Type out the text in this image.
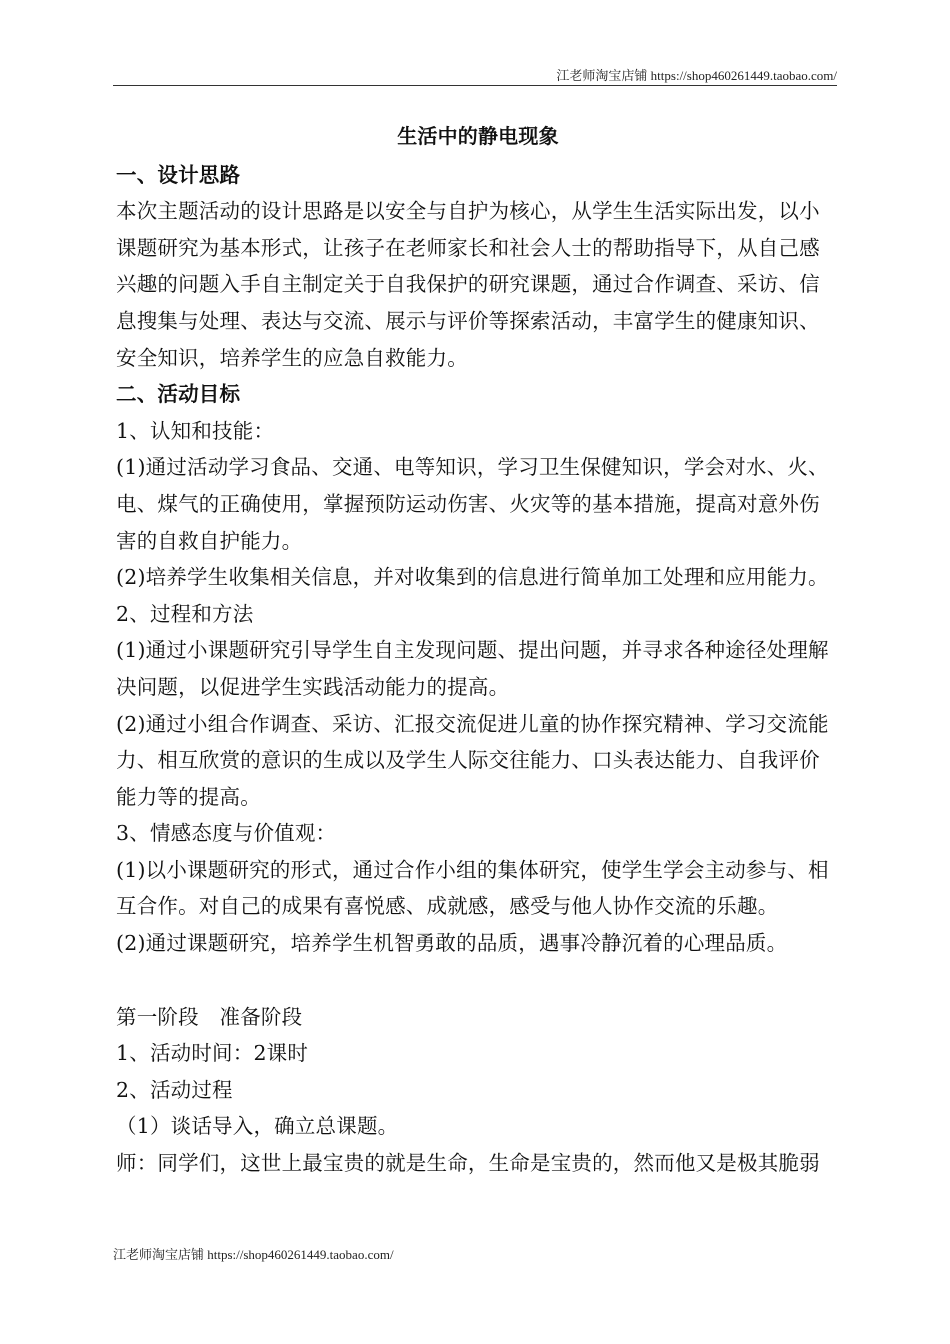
江老师淘宝店铺 https://shop460261449.taobao.com/

生活中的静电现象

一、设计思路

本次主题活动的设计思路是以安全与自护为核心，从学生生活实际出发，以小课题研究为基本形式，让孩子在老师家长和社会人士的帮助指导下，从自己感兴趣的问题入手自主制定关于自我保护的研究课题，通过合作调查、采访、信息搜集与处理、表达与交流、展示与评价等探索活动，丰富学生的健康知识、安全知识，培养学生的应急自救能力。

二、活动目标

1、认知和技能：

(1)通过活动学习食品、交通、电等知识，学习卫生保健知识，学会对水、火、电、煤气的正确使用，掌握预防运动伤害、火灾等的基本措施，提高对意外伤害的自救自护能力。

(2)培养学生收集相关信息，并对收集到的信息进行简单加工处理和应用能力。

2、过程和方法

(1)通过小课题研究引导学生自主发现问题、提出问题，并寻求各种途径处理解决问题，以促进学生实践活动能力的提高。

(2)通过小组合作调查、采访、汇报交流促进儿童的协作探究精神、学习交流能力、相互欣赏的意识的生成以及学生人际交往能力、口头表达能力、自我评价能力等的提高。

3、情感态度与价值观：

(1)以小课题研究的形式，通过合作小组的集体研究，使学生学会主动参与、相互合作。对自己的成果有喜悦感、成就感，感受与他人协作交流的乐趣。

(2)通过课题研究，培养学生机智勇敢的品质，遇事冷静沉着的心理品质。

第一阶段　准备阶段

1、活动时间：2课时

2、活动过程

（1）谈话导入，确立总课题。

师：同学们，这世上最宝贵的就是生命，生命是宝贵的，然而他又是极其脆弱

江老师淘宝店铺 https://shop460261449.taobao.com/
